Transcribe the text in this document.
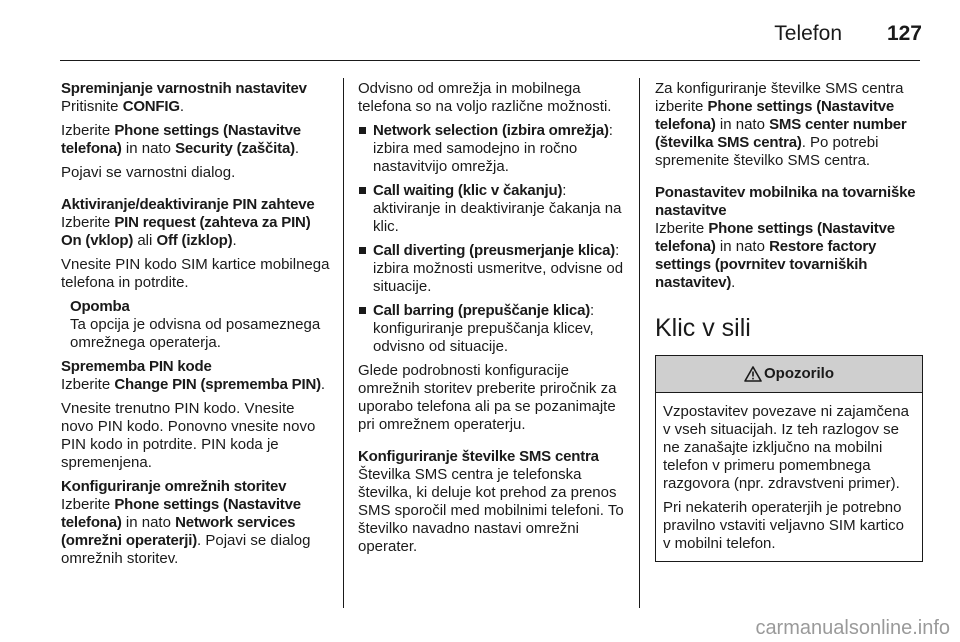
Telefon 127

Spreminjanje varnostnih nastavitev

Pritisnite CONFIG.

Izberite Phone settings (Nastavitve telefona) in nato Security (zaščita).

Pojavi se varnostni dialog.

Aktiviranje/deaktiviranje PIN zahteve

Izberite PIN request (zahteva za PIN) On (vklop) ali Off (izklop).

Vnesite PIN kodo SIM kartice mobilnega telefona in potrdite.

Opomba

Ta opcija je odvisna od posameznega omrežnega operaterja.

Sprememba PIN kode

Izberite Change PIN (sprememba PIN).

Vnesite trenutno PIN kodo. Vnesite novo PIN kodo. Ponovno vnesite novo PIN kodo in potrdite. PIN koda je spremenjena.

Konfiguriranje omrežnih storitev

Izberite Phone settings (Nastavitve telefona) in nato Network services (omrežni operaterji). Pojavi se dialog omrežnih storitev.

Odvisno od omrežja in mobilnega telefona so na voljo različne možnosti.

Network selection (izbira omrežja): izbira med samodejno in ročno nastavitvijo omrežja.
Call waiting (klic v čakanju): aktiviranje in deaktiviranje čakanja na klic.
Call diverting (preusmerjanje klica): izbira možnosti usmeritve, odvisne od situacije.
Call barring (prepuščanje klica): konfiguriranje prepuščanja klicev, odvisno od situacije.

Glede podrobnosti konfiguracije omrežnih storitev preberite priročnik za uporabo telefona ali pa se pozanimajte pri omrežnem operaterju.

Konfiguriranje številke SMS centra

Številka SMS centra je telefonska številka, ki deluje kot prehod za prenos SMS sporočil med mobilnimi telefoni. To številko navadno nastavi omrežni operater.

Za konfiguriranje številke SMS centra izberite Phone settings (Nastavitve telefona) in nato SMS center number (številka SMS centra). Po potrebi spremenite številko SMS centra.

Ponastavitev mobilnika na tovarniške nastavitve

Izberite Phone settings (Nastavitve telefona) in nato Restore factory settings (povrnitev tovarniških nastavitev).

Klic v sili

Opozorilo

Vzpostavitev povezave ni zajamčena v vseh situacijah. Iz teh razlogov se ne zanašajte izključno na mobilni telefon v primeru pomembnega razgovora (npr. zdravstveni primer).

Pri nekaterih operaterjih je potrebno pravilno vstaviti veljavno SIM kartico v mobilni telefon.

carmanualsonline.info
